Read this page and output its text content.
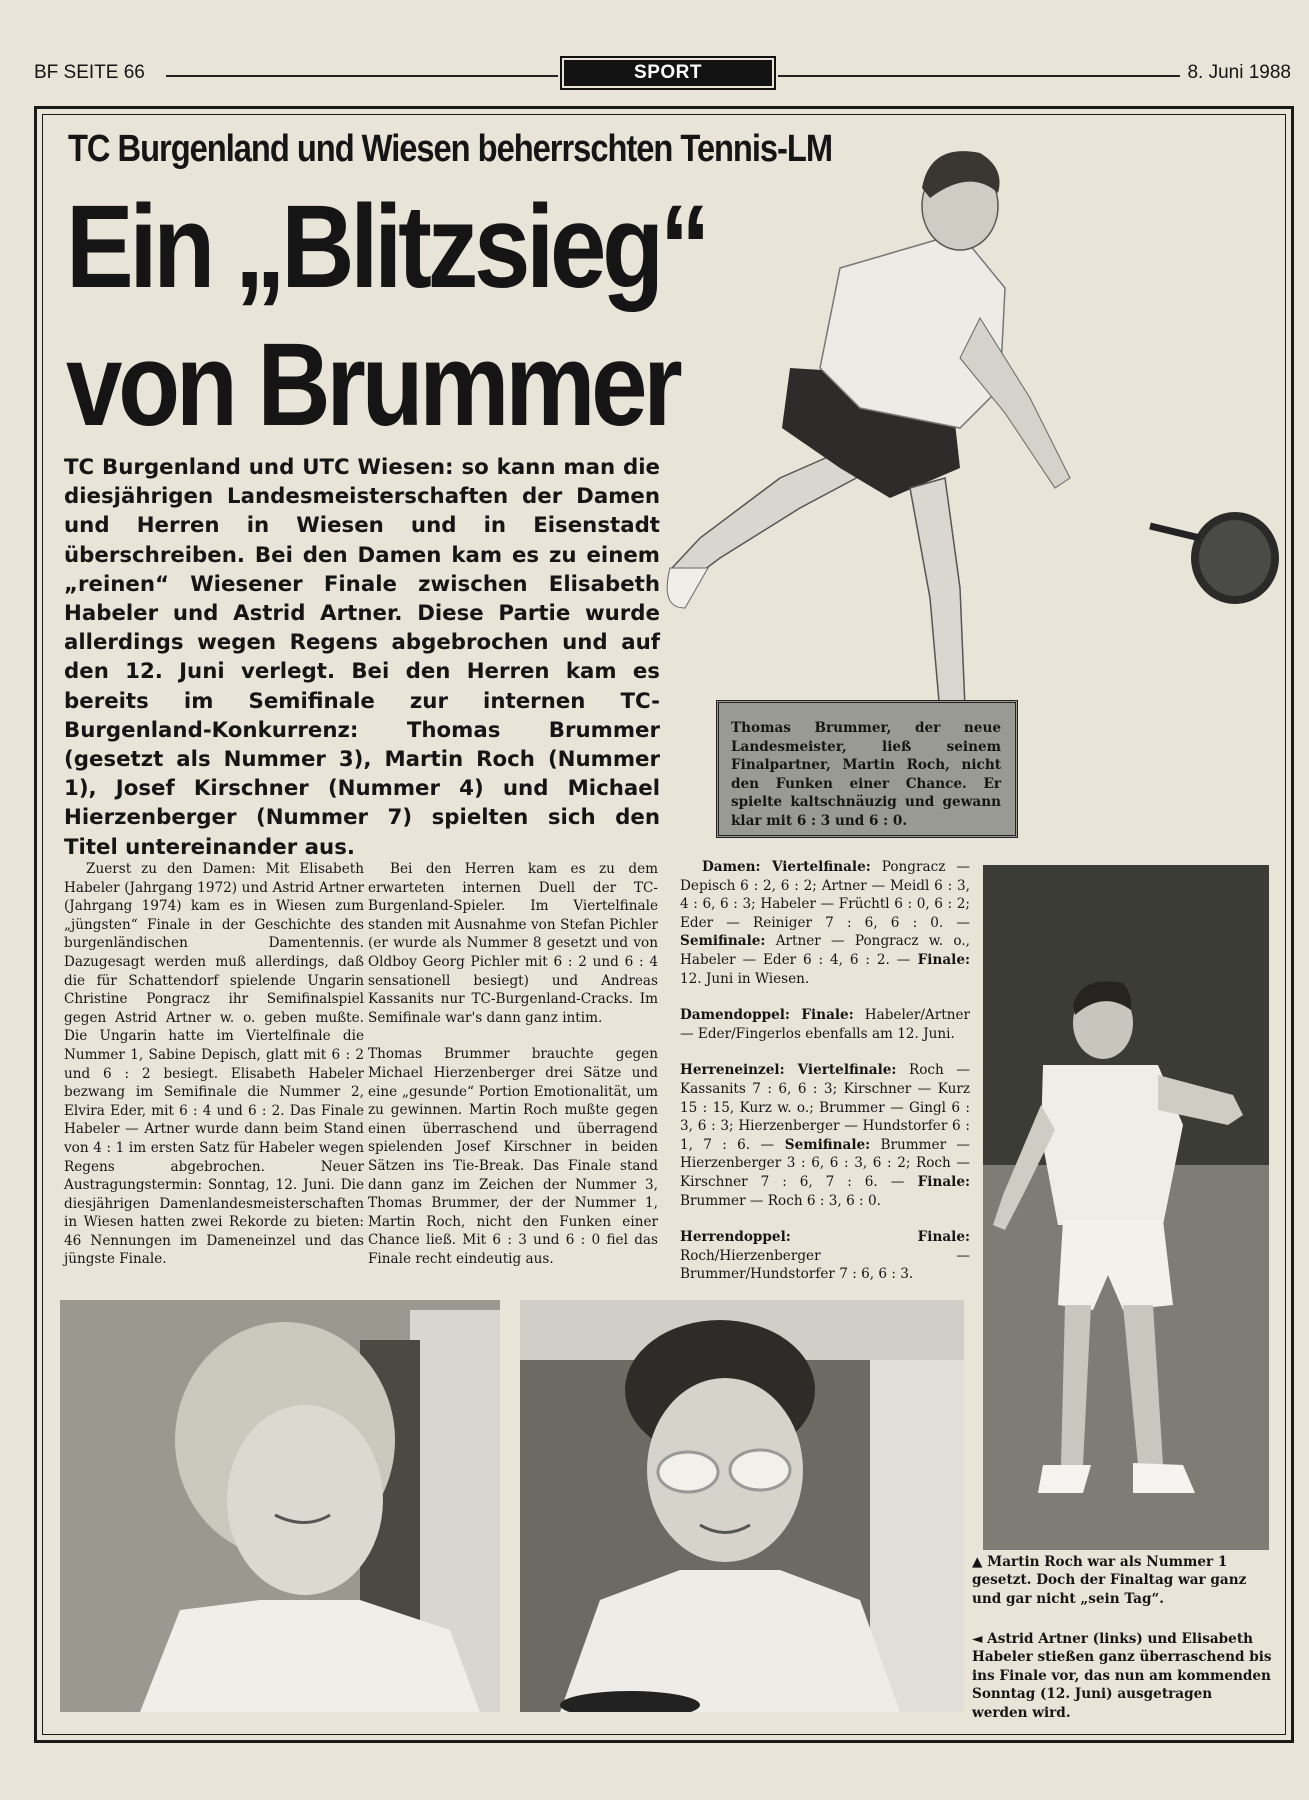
BF SEITE 66	SPORT	8. Juni 1988
TC Burgenland und Wiesen beherrschten Tennis-LM
Ein „Blitzsieg“
von Brummer
TC Burgenland und UTC Wiesen: so kann man die diesjährigen Landesmeisterschaften der Damen und Herren in Wiesen und in Eisenstadt überschreiben. Bei den Damen kam es zu einem „reinen“ Wiesener Finale zwischen Elisabeth Habeler und Astrid Artner. Diese Partie wurde allerdings wegen Regens abgebrochen und auf den 12. Juni verlegt. Bei den Herren kam es bereits im Semifinale zur internen TC-Burgenland-Konkurrenz: Thomas Brummer (gesetzt als Nummer 3), Martin Roch (Nummer 1), Josef Kirschner (Nummer 4) und Michael Hierzenberger (Nummer 7) spielten sich den Titel untereinander aus.

Zuerst zu den Damen: Mit Elisabeth Habeler (Jahrgang 1972) und Astrid Artner (Jahrgang 1974) kam es in Wiesen zum „jüngsten“ Finale in der Geschichte des burgenländischen Damentennis. Dazugesagt werden muß allerdings, daß die für Schattendorf spielende Ungarin Christine Pongracz ihr Semifinalspiel gegen Astrid Artner w. o. geben mußte. Die Ungarin hatte im Viertelfinale die Nummer 1, Sabine Depisch, glatt mit 6 : 2 und 6 : 2 besiegt. Elisabeth Habeler bezwang im Semifinale die Nummer 2, Elvira Eder, mit 6 : 4 und 6 : 2. Das Finale Habeler — Artner wurde dann beim Stand von 4 : 1 im ersten Satz für Habeler wegen Regens abgebrochen. Neuer Austragungstermin: Sonntag, 12. Juni. Die diesjährigen Damenlandesmeisterschaften in Wiesen hatten zwei Rekorde zu bieten: 46 Nennungen im Dameneinzel und das jüngste Finale.

Bei den Herren kam es zu dem erwarteten internen Duell der TC-Burgenland-Spieler. Im Viertelfinale standen mit Ausnahme von Stefan Pichler (er wurde als Nummer 8 gesetzt und von Oldboy Georg Pichler mit 6 : 2 und 6 : 4 sensationell besiegt) und Andreas Kassanits nur TC-Burgenland-Cracks. Im Semifinale war's dann ganz intim.

Thomas Brummer brauchte gegen Michael Hierzenberger drei Sätze und eine „gesunde“ Portion Emotionalität, um zu gewinnen. Martin Roch mußte gegen einen überraschend und überragend spielenden Josef Kirschner in beiden Sätzen ins Tie-Break. Das Finale stand dann ganz im Zeichen der Nummer 3, Thomas Brummer, der der Nummer 1, Martin Roch, nicht den Funken einer Chance ließ. Mit 6 : 3 und 6 : 0 fiel das Finale recht eindeutig aus.

Damen: Viertelfinale: Pongracz — Depisch 6 : 2, 6 : 2; Artner — Meidl 6 : 3, 4 : 6, 6 : 3; Habeler — Früchtl 6 : 0, 6 : 2; Eder — Reiniger 7 : 6, 6 : 0. — Semifinale: Artner — Pongracz w. o., Habeler — Eder 6 : 4, 6 : 2. — Finale: 12. Juni in Wiesen.

Damendoppel: Finale: Habeler/Artner — Eder/Fingerlos ebenfalls am 12. Juni.

Herreneinzel: Viertelfinale: Roch — Kassanits 7 : 6, 6 : 3; Kirschner — Kurz 15 : 15, Kurz w. o.; Brummer — Gingl 6 : 3, 6 : 3; Hierzenberger — Hundstorfer 6 : 1, 7 : 6. — Semifinale: Brummer — Hierzenberger 3 : 6, 6 : 3, 6 : 2; Roch — Kirschner 7 : 6, 7 : 6. — Finale: Brummer — Roch 6 : 3, 6 : 0.

Herrendoppel: Finale: Roch/Hierzenberger — Brummer/Hundstorfer 7 : 6, 6 : 3.

Thomas Brummer, der neue Landesmeister, ließ seinem Finalpartner, Martin Roch, nicht den Funken einer Chance. Er spielte kaltschnäuzig und gewann klar mit 6 : 3 und 6 : 0.
▲ Martin Roch war als Nummer 1 gesetzt. Doch der Finaltag war ganz und gar nicht „sein Tag“.
◄ Astrid Artner (links) und Elisabeth Habeler stießen ganz überraschend bis ins Finale vor, das nun am kommenden Sonntag (12. Juni) ausgetragen werden wird.
